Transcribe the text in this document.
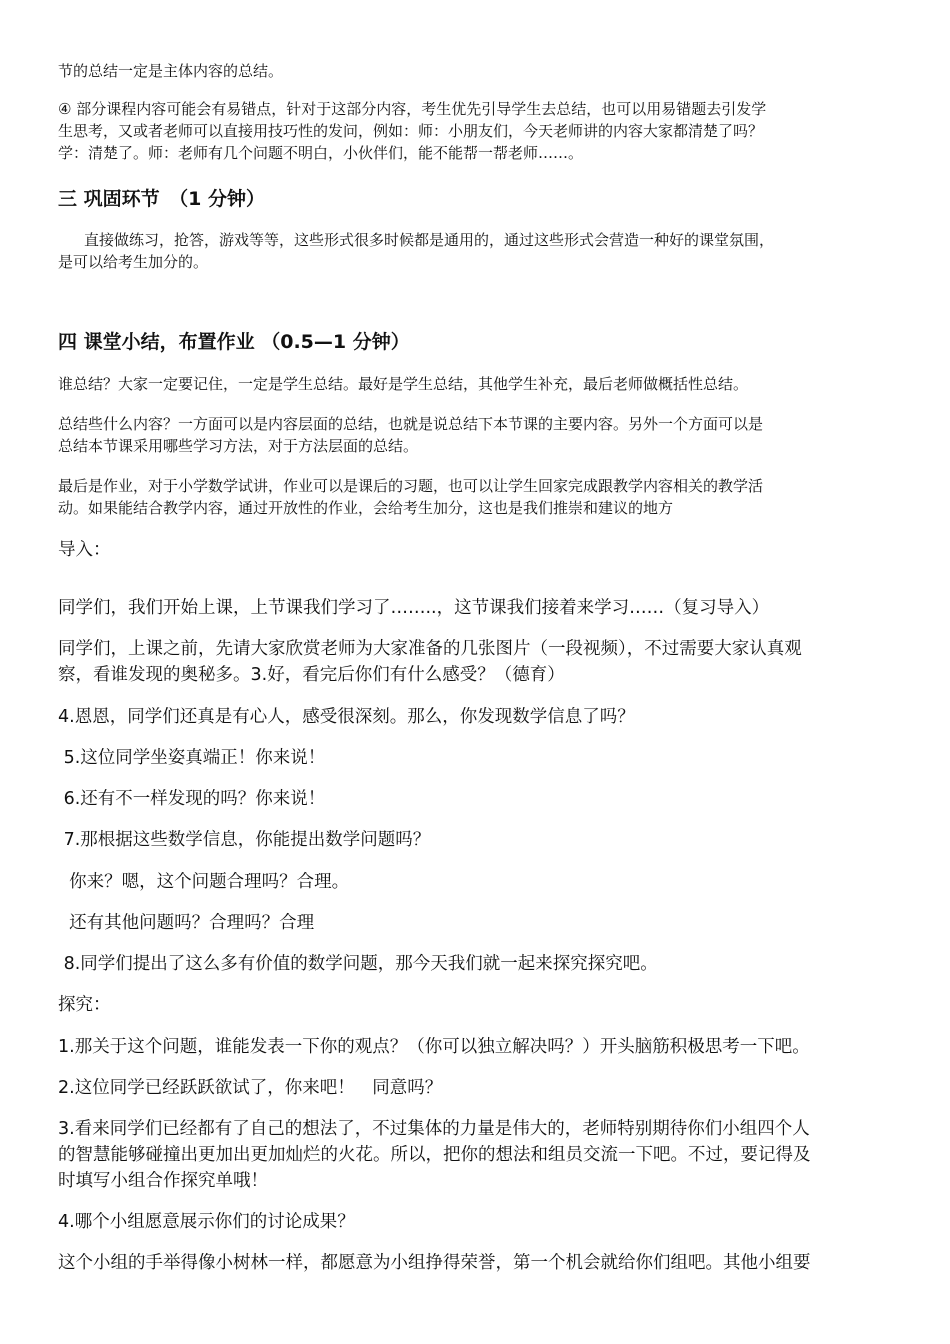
节的总结一定是主体内容的总结。

④ 部分课程内容可能会有易错点，针对于这部分内容，考生优先引导学生去总结，也可以用易错题去引发学
生思考，又或者老师可以直接用技巧性的发问，例如：师：小朋友们，今天老师讲的内容大家都清楚了吗？
学：清楚了。师：老师有几个问题不明白，小伙伴们，能不能帮一帮老师……。
三 巩固环节　（1 分钟）
直接做练习，抢答，游戏等等，这些形式很多时候都是通用的，通过这些形式会营造一种好的课堂氛围，
是可以给考生加分的。
四 课堂小结，布置作业 （0.5—1 分钟）

谁总结？大家一定要记住，一定是学生总结。最好是学生总结，其他学生补充，最后老师做概括性总结。

总结些什么内容？一方面可以是内容层面的总结，也就是说总结下本节课的主要内容。另外一个方面可以是
总结本节课采用哪些学习方法，对于方法层面的总结。
最后是作业，对于小学数学试讲，作业可以是课后的习题，也可以让学生回家完成跟教学内容相关的教学活
动。如果能结合教学内容，通过开放性的作业，会给考生加分，这也是我们推崇和建议的地方

导入：

同学们，我们开始上课，上节课我们学习了……..，这节课我们接着来学习……（复习导入）

同学们，上课之前，先请大家欣赏老师为大家准备的几张图片（一段视频），不过需要大家认真观
察，看谁发现的奥秘多。3.好，看完后你们有什么感受？（德育）

4.恩恩，同学们还真是有心人，感受很深刻。那么，你发现数学信息了吗？

5.这位同学坐姿真端正！你来说！

6.还有不一样发现的吗？你来说！

7.那根据这些数学信息，你能提出数学问题吗？

你来？嗯，这个问题合理吗？合理。

还有其他问题吗？合理吗？合理

8.同学们提出了这么多有价值的数学问题，那今天我们就一起来探究探究吧。

探究：

1.那关于这个问题，谁能发表一下你的观点？（你可以独立解决吗？）开头脑筋积极思考一下吧。

2.这位同学已经跃跃欲试了，你来吧！　同意吗？

3.看来同学们已经都有了自己的想法了，不过集体的力量是伟大的，老师特别期待你们小组四个人
的智慧能够碰撞出更加出更加灿烂的火花。所以，把你的想法和组员交流一下吧。不过，要记得及
时填写小组合作探究单哦！

4.哪个小组愿意展示你们的讨论成果？

这个小组的手举得像小树林一样，都愿意为小组挣得荣誉，第一个机会就给你们组吧。其他小组要
